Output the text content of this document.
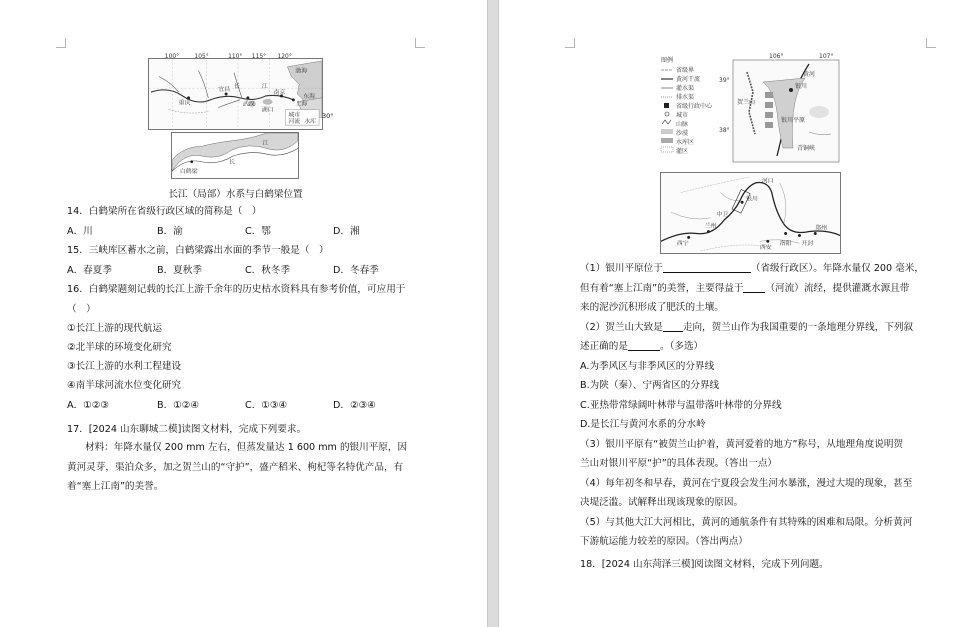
100°	105°	110° 115° 120°
重庆
宜昌
武汉
南京
上海
渤海
东海
长	江
湖口
城市
河流 水库
30°
白鹤梁
长
江
长江（局部）水系与白鹤梁位置
14．白鹤梁所在省级行政区域的简称是（　）
A．川	B．渝	C．鄂	D．湘
15．三峡库区蓄水之前，白鹤梁露出水面的季节一般是（　）
A．春夏季	B．夏秋季	C．秋冬季	D．冬春季
16．白鹤梁题刻记载的长江上游千余年的历史枯水资料具有参考价值，可应用于（　）
①长江上游的现代航运
②北半球的环境变化研究
③长江上游的水利工程建设
④南半球河流水位变化研究
A．①②③	B．①②④	C．①③④	D．②③④
17．[2024 山东聊城二模]读图文材料，完成下列要求。
材料：年降水量仅 200 mm 左右，但蒸发量达 1 600 mm 的银川平原，因黄河灵芽，渠泊众多，加之贺兰山的“守护”，盛产稻米、枸杞等名特优产品，有着“塞上江南”的美誉。
图例
省级界
黄河干流
灌水渠
排水渠
省级行政中心
城市
山脉
沙漠
水库区
灌区
106°	107°
39°
38°
银川
贺兰山
银川平原
黄河
青铜峡
河口
银川
西宁
兰州
中卫
郑州
西安
开封
洛阳
（1）银川平原位于	（省级行政区）。年降水量仅 200 毫米，
但有着“塞上江南”的美誉，主要得益于 （河流）流经，提供灌溉水源且带
来的泥沙沉积形成了肥沃的土壤。
（2）贺兰山大致是 走向，贺兰山作为我国重要的一条地理分界线，下列叙
述正确的是	。（多选）
A.为季风区与非季风区的分界线
B.为陕（秦）、宁两省区的分界线
C.亚热带常绿阔叶林带与温带落叶林带的分界线
D.是长江与黄河水系的分水岭
（3）银川平原有“被贺兰山护着，黄河爱着的地方”称号，从地理角度说明贺
兰山对银川平原“护”的具体表现。（答出一点）
（4）每年初冬和早春，黄河在宁夏段会发生河水暴涨，漫过大堤的现象，甚至
决堤泛滥。试解释出现该现象的原因。
（5）与其他大江大河相比，黄河的通航条件有其特殊的困难和局限。分析黄河
下游航运能力较差的原因。（答出两点）
18．[2024 山东菏泽三模]阅读图文材料，完成下列问题。
